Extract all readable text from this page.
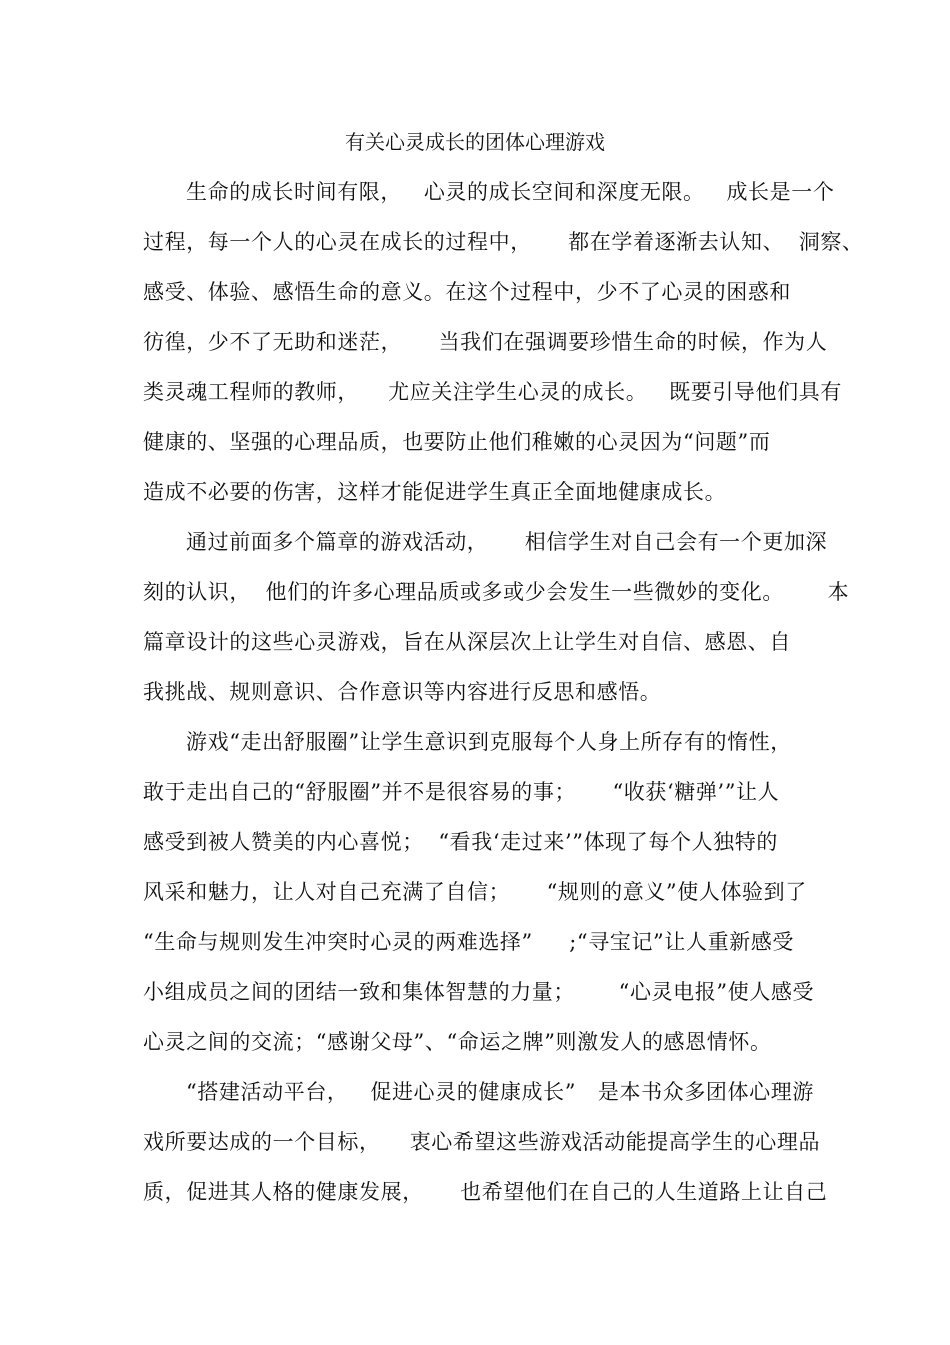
有关心灵成长的团体心理游戏
生命的成长时间有限，   心灵的成长空间和深度无限。   成长是一个
过程，每一个人的心灵在成长的过程中，     都在学着逐渐去认知、  洞察、
感受、体验、感悟生命的意义。在这个过程中，少不了心灵的困惑和
彷徨，少不了无助和迷茫，     当我们在强调要珍惜生命的时候，作为人
类灵魂工程师的教师，    尤应关注学生心灵的成长。   既要引导他们具有
健康的、坚强的心理品质，也要防止他们稚嫩的心灵因为“问题”而
造成不必要的伤害，这样才能促进学生真正全面地健康成长。
通过前面多个篇章的游戏活动，     相信学生对自己会有一个更加深
刻的认识，  他们的许多心理品质或多或少会发生一些微妙的变化。      本
篇章设计的这些心灵游戏，旨在从深层次上让学生对自信、感恩、自
我挑战、规则意识、合作意识等内容进行反思和感悟。
游戏“走出舒服圈”让学生意识到克服每个人身上所存有的惰性，
敢于走出自己的“舒服圈”并不是很容易的事；     “收获‘糖弹’”让人
感受到被人赞美的内心喜悦；  “看我‘走过来’”体现了每个人独特的
风采和魅力，让人对自己充满了自信；     “规则的意义”使人体验到了
“生命与规则发生冲突时心灵的两难选择”     ;“寻宝记”让人重新感受
小组成员之间的团结一致和集体智慧的力量；      “心灵电报”使人感受
心灵之间的交流；“感谢父母”、“命运之牌”则激发人的感恩情怀。
“搭建活动平台，   促进心灵的健康成长”   是本书众多团体心理游
戏所要达成的一个目标，    衷心希望这些游戏活动能提高学生的心理品
质，促进其人格的健康发展，     也希望他们在自己的人生道路上让自己
